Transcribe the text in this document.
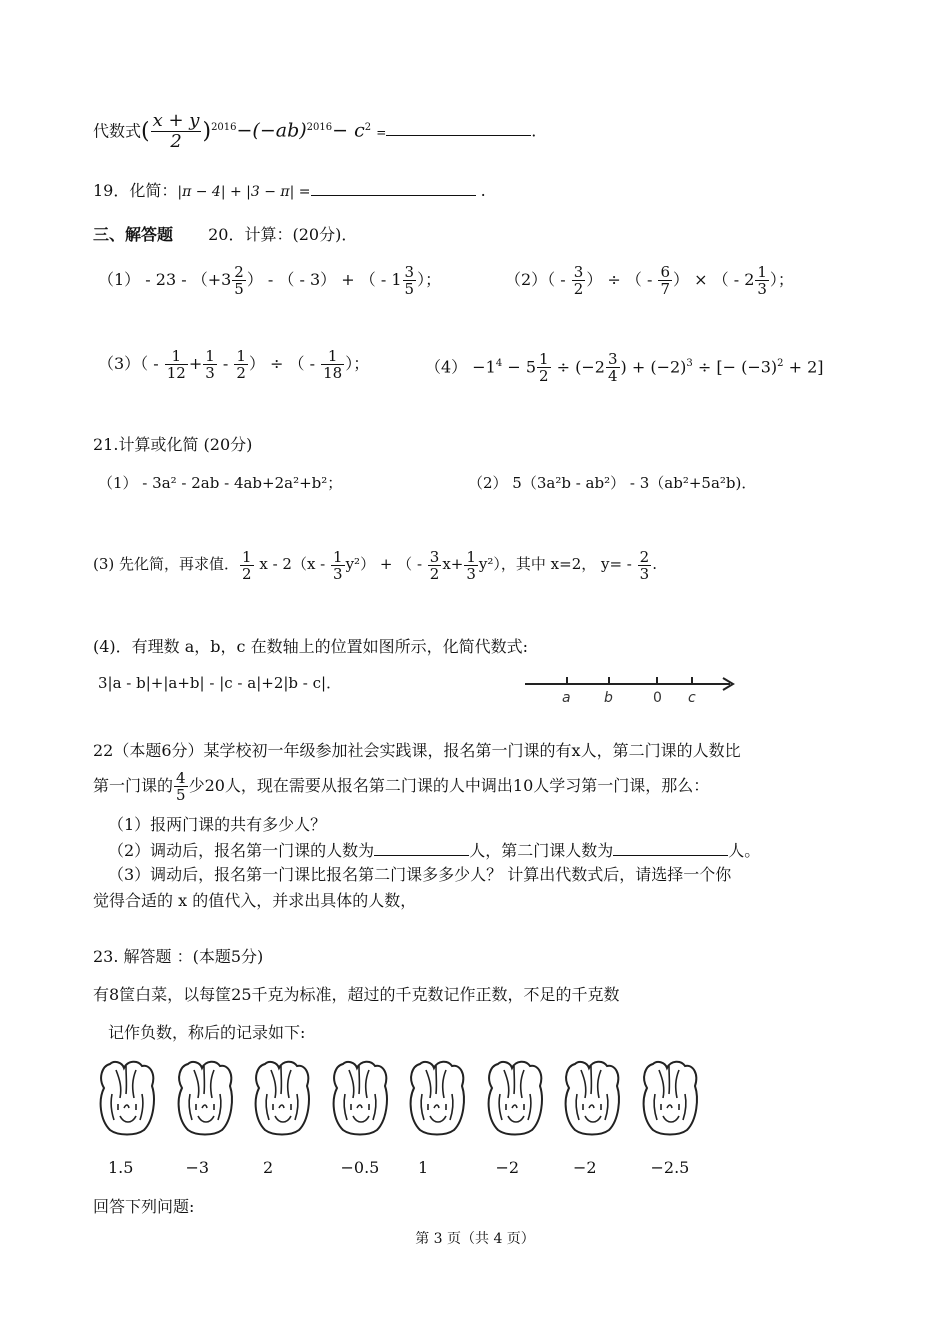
代数式( $\frac{x + y}{2} )^{2016}-(-ab)^{2016}- c^2$ =	.
19．化简：|π − 4| + |3 − π| =	.
三、解答题 20．计算：(20分)．
$(1) - 23 - (+3 \frac{2}{5}$ ） - （ - 3） + （ - $1 \frac{3}{5}$ ）；	$(2)( - \frac{3}{2}$ ） ÷ （ - $\frac{6}{7}$ ） × （ - $2 \frac{1}{3}$ ）；
$(3)( - \frac{1}{12} + \frac{1}{3} - \frac{1}{2}$ ） ÷ （ - $\frac{1}{18}$ ）；	$(4) -1^4 - 5 \frac{1}{2} \div (-2 \frac{3}{4}$ ) + $(-2)^3$ ÷ [− $(-3)^2 + 2$]
21.计算或化简 (20分)
（1） - 3a² - 2ab - 4ab+2a²+b²；	（2） 5（3a²b - ab²） - 3（ab²+5a²b)．
(3) 先化简，再求值． $\frac{1}{2}$ x - $2(x - \frac{1}{3} y^2)$ + （ - $\frac{3}{2} x+ \frac{1}{3} y^2$），其中 x=2， $y= - \frac{2}{3}$ .
(4)．有理数 a，b，c 在数轴上的位置如图所示，化简代数式:
3|a - b|+|a+b| - |c - a|+2|b - c|．
a b	0 c
22（本题6分）某学校初一年级参加社会实践课，报名第一门课的有x人，第二门课的人数比
第一门课的 $\frac{4}{5}$ 少20人，现在需要从报名第二门课的人中调出10人学习第一门课，那么：
（1）报两门课的共有多少人？
（2）调动后，报名第一门课的人数为	人，第二门课人数为	人。
（3）调动后，报名第一门课比报名第二门课多多少人？ 计算出代数式后，请选择一个你
觉得合适的 x 的值代入，并求出具体的人数，
23. 解答题 ：(本题5分)
有8筐白菜，以每筐25千克为标准，超过的千克数记作正数，不足的千克数
记作负数，称后的记录如下:
1.5	−3	2	−0.5 1	−2	−2	−2.5
回答下列问题:
第 3 页（共 4 页）
